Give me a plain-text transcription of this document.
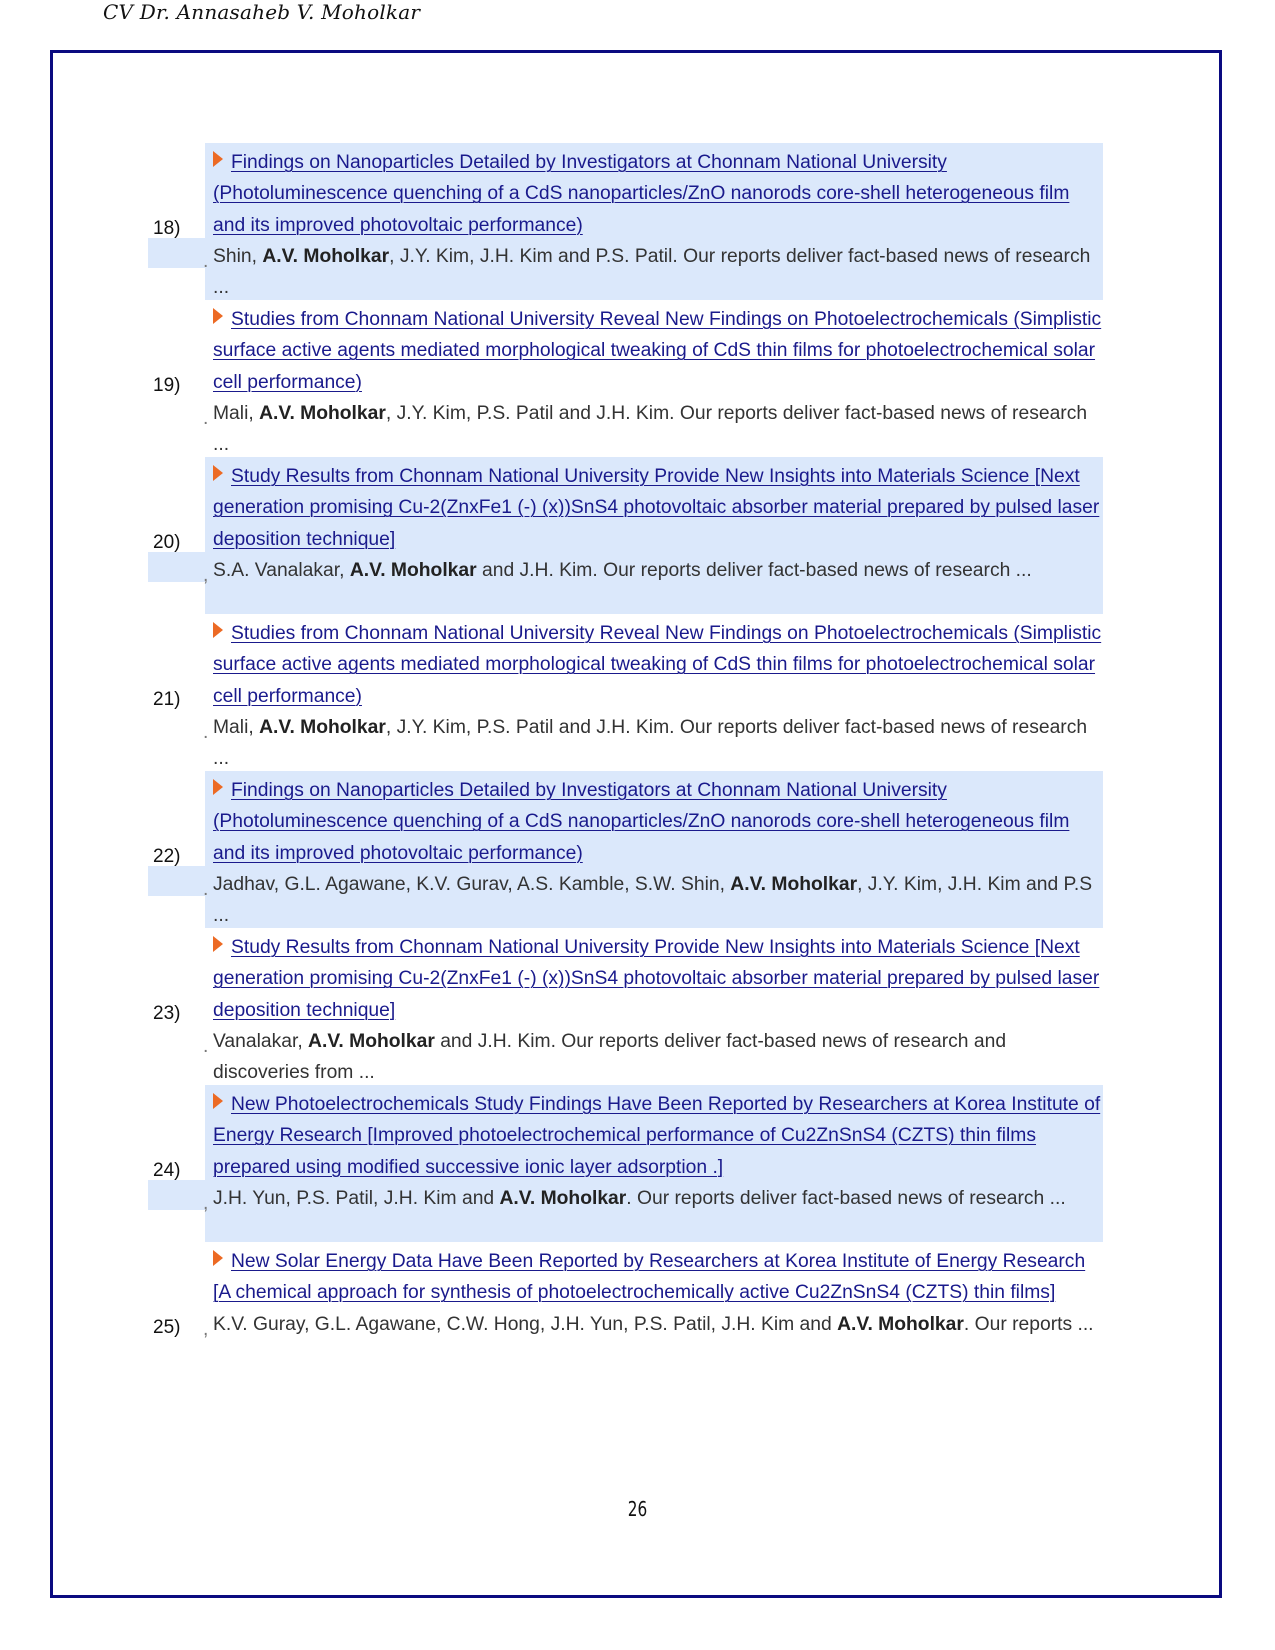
CV Dr. Annasaheb V. Moholkar
18)
Findings on Nanoparticles Detailed by Investigators at Chonnam National University (Photoluminescence quenching of a CdS nanoparticles/ZnO nanorods core-shell heterogeneous film and its improved photovoltaic performance)

. Shin, A.V. Moholkar, J.Y. Kim, J.H. Kim and P.S. Patil. Our reports deliver fact-based news of research ...
19)
Studies from Chonnam National University Reveal New Findings on Photoelectrochemicals (Simplistic surface active agents mediated morphological tweaking of CdS thin films for photoelectrochemical solar cell performance)

. Mali, A.V. Moholkar, J.Y. Kim, P.S. Patil and J.H. Kim. Our reports deliver fact-based news of research ...
20)
Study Results from Chonnam National University Provide New Insights into Materials Science [Next generation promising Cu-2(ZnxFe1 (-) (x))SnS4 photovoltaic absorber material prepared by pulsed laser deposition technique]

, S.A. Vanalakar, A.V. Moholkar and J.H. Kim. Our reports deliver fact-based news of research ...
21)
Studies from Chonnam National University Reveal New Findings on Photoelectrochemicals (Simplistic surface active agents mediated morphological tweaking of CdS thin films for photoelectrochemical solar cell performance)

. Mali, A.V. Moholkar, J.Y. Kim, P.S. Patil and J.H. Kim. Our reports deliver fact-based news of research ...
22)
Findings on Nanoparticles Detailed by Investigators at Chonnam National University (Photoluminescence quenching of a CdS nanoparticles/ZnO nanorods core-shell heterogeneous film and its improved photovoltaic performance)

. Jadhav, G.L. Agawane, K.V. Gurav, A.S. Kamble, S.W. Shin, A.V. Moholkar, J.Y. Kim, J.H. Kim and P.S ...
23)
Study Results from Chonnam National University Provide New Insights into Materials Science [Next generation promising Cu-2(ZnxFe1 (-) (x))SnS4 photovoltaic absorber material prepared by pulsed laser deposition technique]

. Vanalakar, A.V. Moholkar and J.H. Kim. Our reports deliver fact-based news of research and discoveries from ...
24)
New Photoelectrochemicals Study Findings Have Been Reported by Researchers at Korea Institute of Energy Research [Improved photoelectrochemical performance of Cu2ZnSnS4 (CZTS) thin films prepared using modified successive ionic layer adsorption .]

, J.H. Yun, P.S. Patil, J.H. Kim and A.V. Moholkar. Our reports deliver fact-based news of research ...
25)
New Solar Energy Data Have Been Reported by Researchers at Korea Institute of Energy Research [A chemical approach for synthesis of photoelectrochemically active Cu2ZnSnS4 (CZTS) thin films]

, K.V. Guray, G.L. Agawane, C.W. Hong, J.H. Yun, P.S. Patil, J.H. Kim and A.V. Moholkar. Our reports ...
26
